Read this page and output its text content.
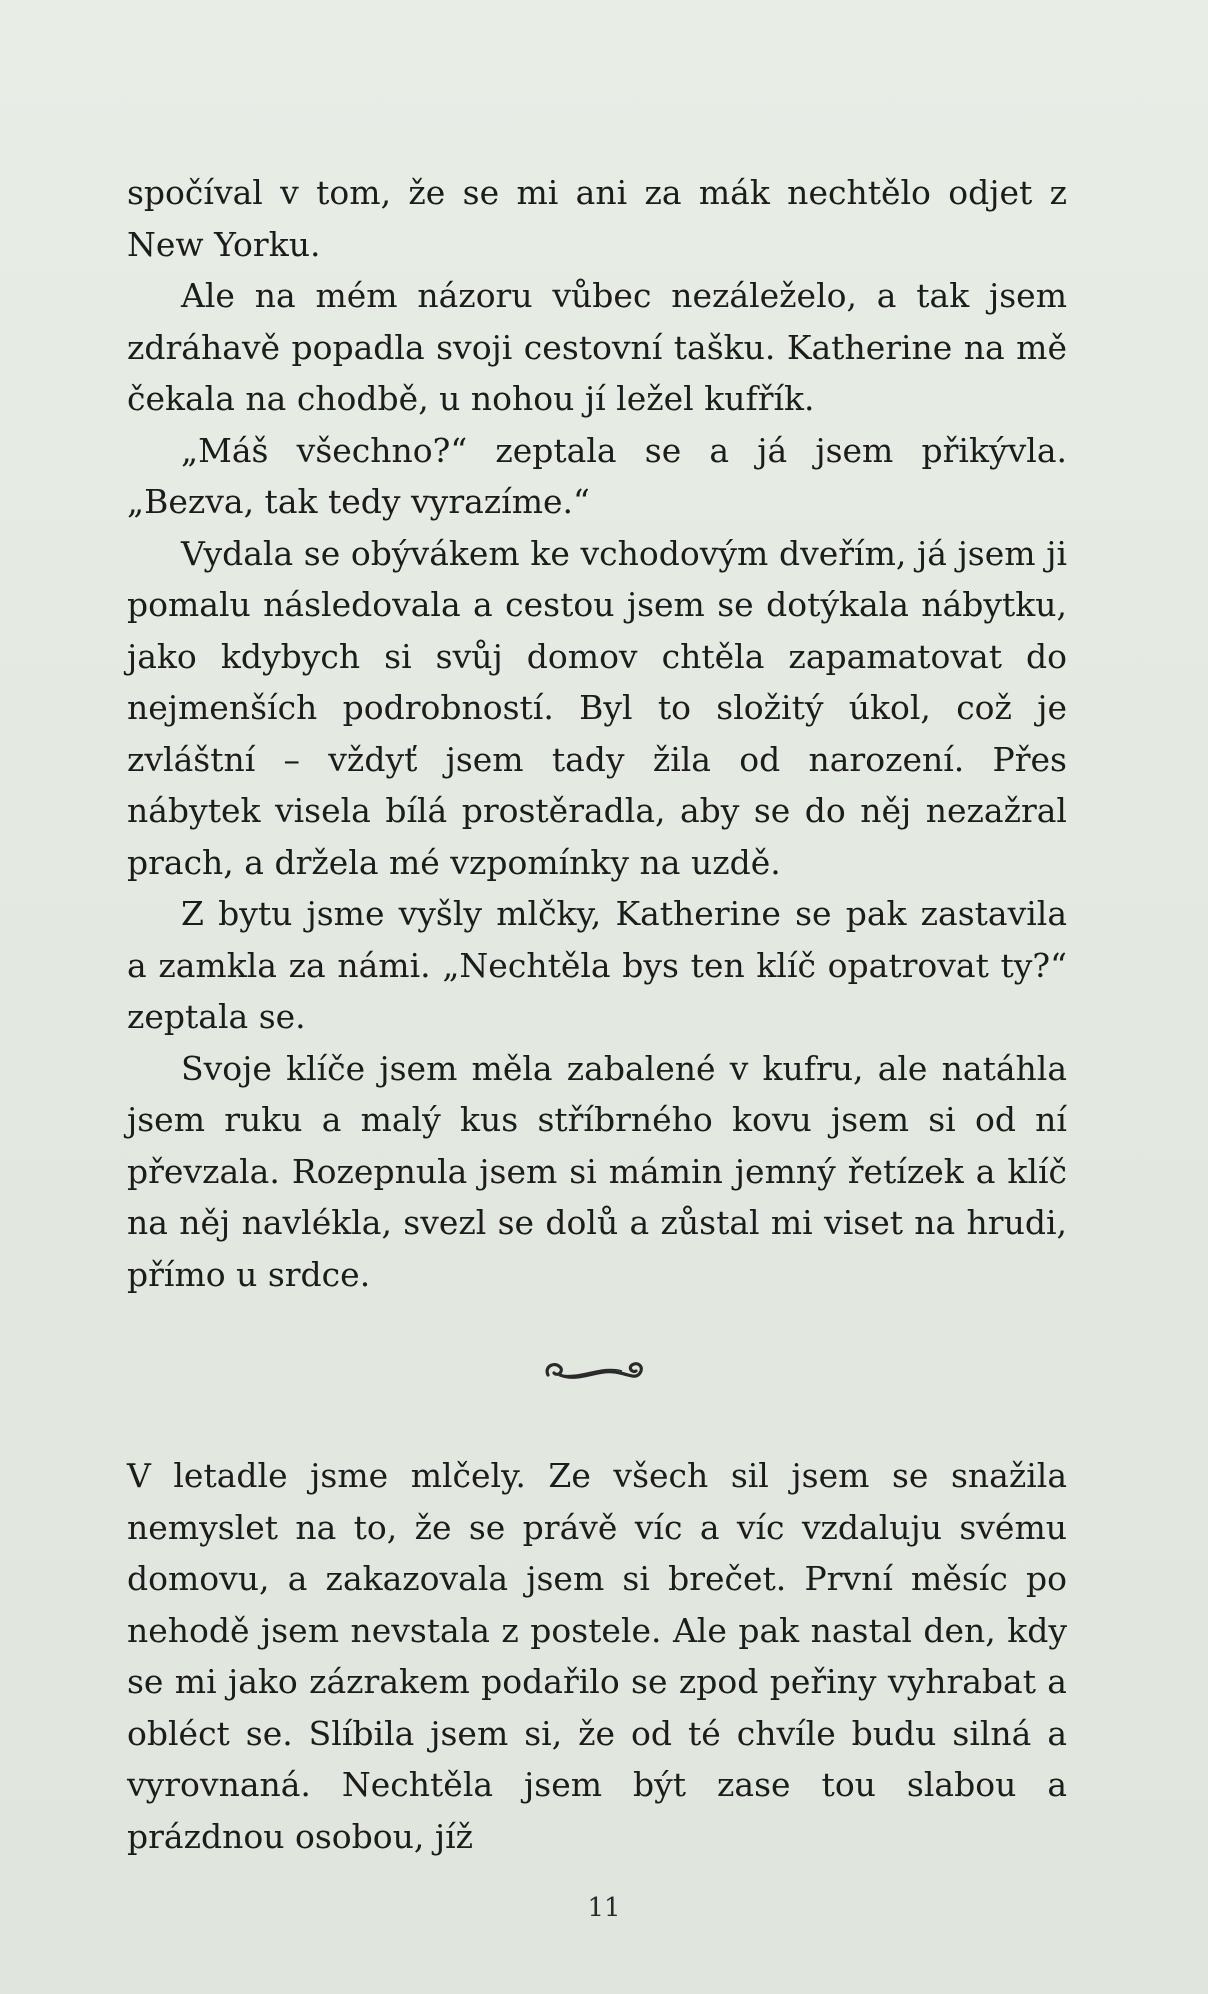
spočíval v tom, že se mi ani za mák nechtělo odjet z New Yorku.

Ale na mém názoru vůbec nezáleželo, a tak jsem zdráhavě popadla svoji cestovní tašku. Katherine na mě čekala na chodbě, u nohou jí ležel kufřík.

„Máš všechno?“ zeptala se a já jsem přikývla. „Bezva, tak tedy vyrazíme.“

Vydala se obývákem ke vchodovým dveřím, já jsem ji pomalu následovala a cestou jsem se dotýkala nábytku, jako kdybych si svůj domov chtěla zapamatovat do nejmenších podrobností. Byl to složitý úkol, což je zvláštní – vždyť jsem tady žila od narození. Přes nábytek visela bílá prostěradla, aby se do něj nezažral prach, a držela mé vzpomínky na uzdě.

Z bytu jsme vyšly mlčky, Katherine se pak zastavila a zamkla za námi. „Nechtěla bys ten klíč opatrovat ty?“ zeptala se.

Svoje klíče jsem měla zabalené v kufru, ale natáhla jsem ruku a malý kus stříbrného kovu jsem si od ní převzala. Rozepnula jsem si mámin jemný řetízek a klíč na něj navlékla, svezl se dolů a zůstal mi viset na hrudi, přímo u srdce.

V letadle jsme mlčely. Ze všech sil jsem se snažila nemyslet na to, že se právě víc a víc vzdaluju svému domovu, a zakazovala jsem si brečet. První měsíc po nehodě jsem nevstala z postele. Ale pak nastal den, kdy se mi jako zázrakem podařilo se zpod peřiny vyhrabat a obléct se. Slíbila jsem si, že od té chvíle budu silná a vyrovnaná. Nechtěla jsem být zase tou slabou a prázdnou osobou, jíž

11
